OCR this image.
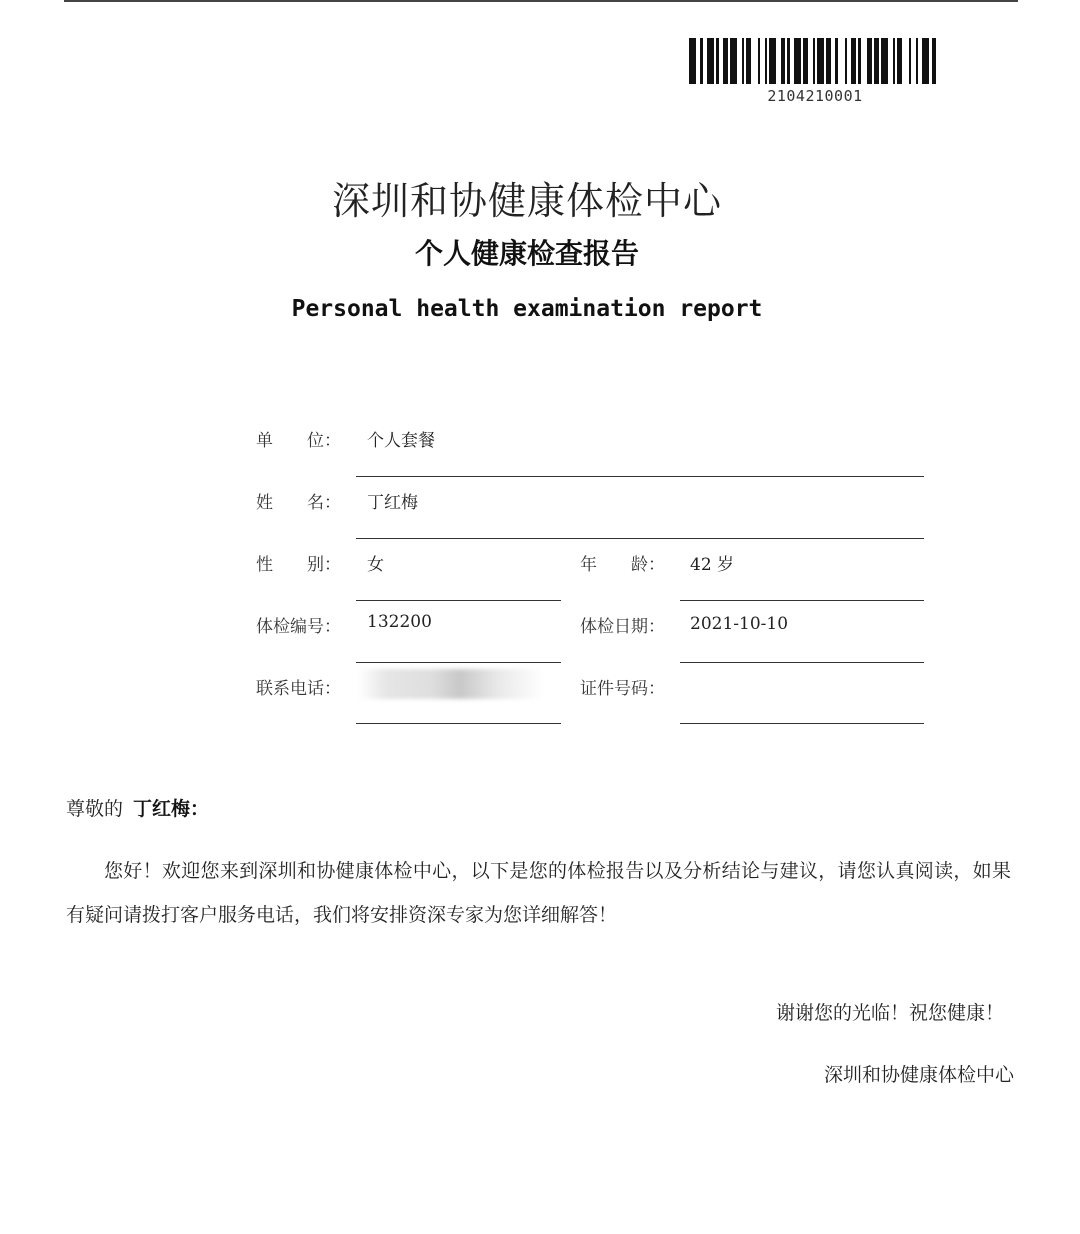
2104210001
深圳和协健康体检中心
个人健康检查报告
Personal health examination report
单　　位： 个人套餐
姓　　名： 丁红梅
性　　别： 女	年　　龄： 42 岁
体检编号： 132200	体检日期： 2021-10-10
联系电话：	证件号码：
尊敬的 丁红梅：
您好！欢迎您来到深圳和协健康体检中心，以下是您的体检报告以及分析结论与建议，请您认真阅读，如果有疑问请拨打客户服务电话，我们将安排资深专家为您详细解答！
谢谢您的光临！祝您健康！
深圳和协健康体检中心
